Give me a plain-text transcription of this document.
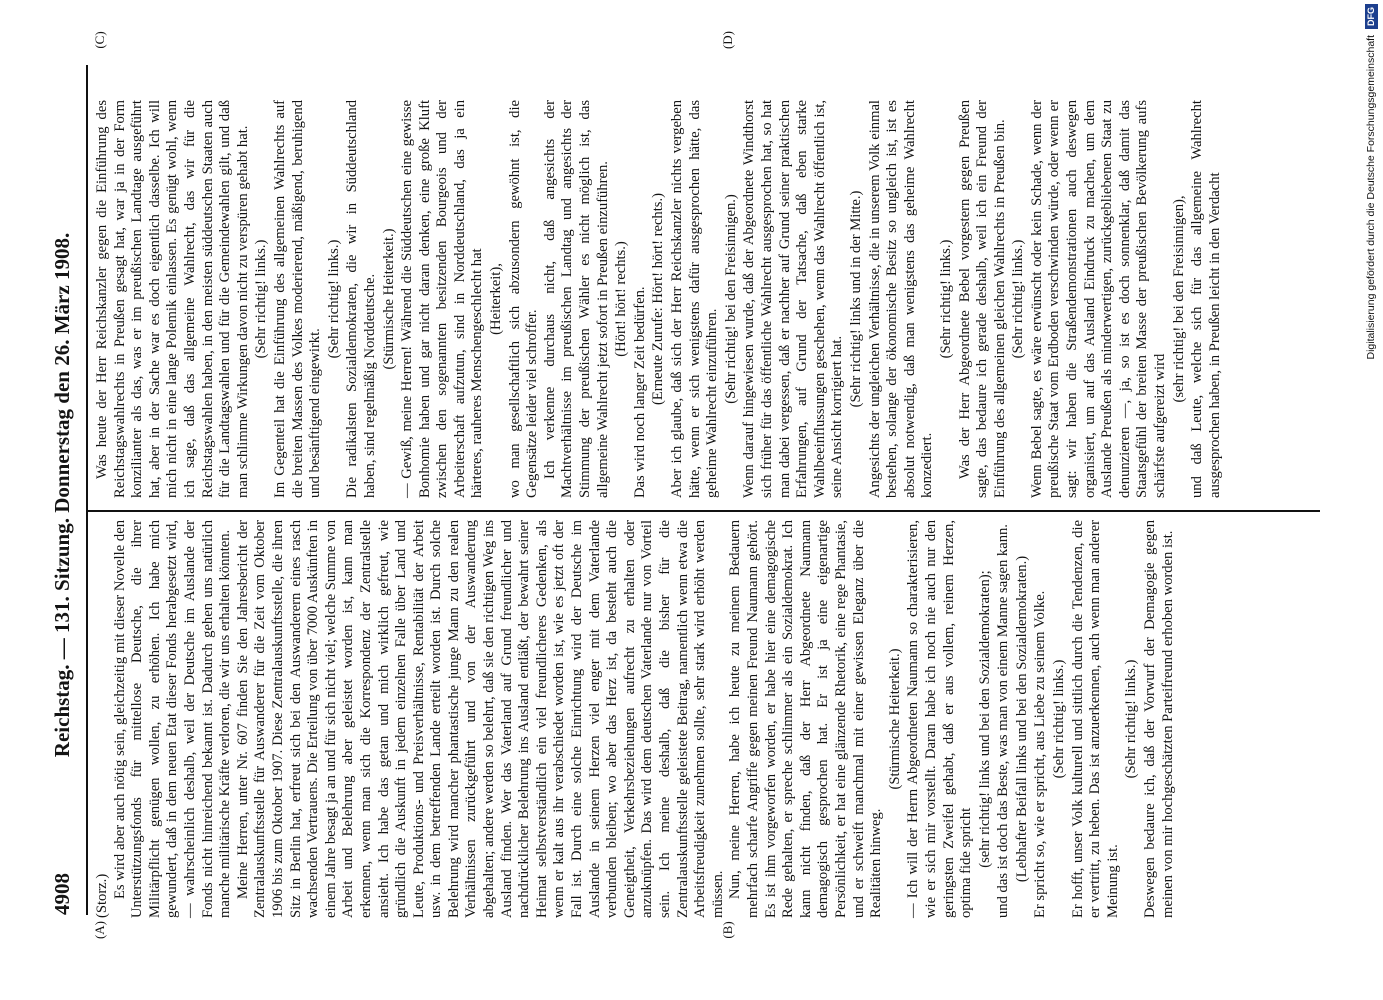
4908
Reichstag. — 131. Sitzung. Donnerstag den 26. März 1908.
(A)	(B)
(C)	(D)

(Storz.) Es wird aber auch nötig sein, gleichzeitig mit dieser Novelle den Unterstützungsfonds für mittellose Deutsche, die ihrer Militärpflicht genügen wollen, zu erhöhen. Ich habe mich gewundert, daß in dem neuen Etat dieser Fonds herabgesetzt wird, — wahrscheinlich deshalb, weil der Deutsche im Auslande der Fonds nicht hinreichend bekannt ist. Dadurch gehen uns natürlich manche militärische Kräfte verloren, die wir uns erhalten könnten. Meine Herren, unter Nr. 607 finden Sie den Jahresbericht der Zentralauskunftsstelle für Auswanderer für die Zeit vom Oktober 1906 bis zum Oktober 1907. Diese Zentralauskunftsstelle, die ihren Sitz in Berlin hat, erfreut sich bei den Auswanderern eines rasch wachsenden Vertrauens. Die Erteilung von über 7000 Auskünften in einem Jahre besagt ja an und für sich nicht viel; welche Summe von Arbeit und Belehrung aber geleistet worden ist, kann man erkennen, wenn man sich die Korrespondenz der Zentralstelle ansieht. Ich habe das getan und mich wirklich gefreut, wie gründlich die Auskunft in jedem einzelnen Falle über Land und Leute, Produktions- und Preisverhältnisse, Rentabilität der Arbeit usw. in dem betreffenden Lande erteilt worden ist. Durch solche Belehrung wird mancher phantastische junge Mann zu den realen Verhältnissen zurückgeführt und von der Auswanderung abgehalten; andere werden so belehrt, daß sie den richtigen Weg ins Ausland finden. Wer das Vaterland auf Grund freundlicher und nachdrücklicher Belehrung ins Ausland entläßt, der bewahrt seiner Heimat selbstverständlich ein viel freundlicheres Gedenken, als wenn er kalt aus ihr verabschiedet worden ist, wie es jetzt oft der Fall ist. Durch eine solche Einrichtung wird der Deutsche im Auslande in seinem Herzen viel enger mit dem Vaterlande verbunden bleiben; wo aber das Herz ist, da besteht auch die Geneigtheit, Verkehrsbeziehungen aufrecht zu erhalten oder anzuknüpfen. Das wird dem deutschen Vaterlande nur von Vorteil sein. Ich meine deshalb, daß die bisher für die Zentralauskunftsstelle geleistete Beitrag, namentlich wenn etwa die Arbeitsfreudigkeit zunehmen sollte, sehr stark wird erhöht werden müssen. Nun, meine Herren, habe ich heute zu meinem Bedauern mehrfach scharfe Angriffe gegen meinen Freund Naumann gehört. Es ist ihm vorgeworfen worden, er habe hier eine demagogische Rede gehalten, er spreche schlimmer als ein Sozialdemokrat. Ich kann nicht finden, daß der Herr Abgeordnete Naumann demagogisch gesprochen hat. Er ist ja eine eigenartige Persönlichkeit, er hat eine glänzende Rhetorik, eine rege Phantasie, und er schweift manchmal mit einer gewissen Eleganz über die Realitäten hinweg.

(Stürmische Heiterkeit.) — Ich will der Herrn Abgeordneten Naumann so charakterisieren, wie er sich mir vorstellt. Daran habe ich noch nie auch nur den geringsten Zweifel gehabt, daß er aus vollem, reinem Herzen, optima fide spricht (sehr richtig! links und bei den Sozialdemokraten); und das ist doch das Beste, was man von einem Manne sagen kann. (Lebhafter Beifall links und bei den Sozialdemokraten.) Er spricht so, wie er spricht, aus Liebe zu seinem Volke. (Sehr richtig! links.) Er hofft, unser Volk kulturell und sittlich durch die Tendenzen, die er vertritt, zu heben. Das ist anzuerkennen, auch wenn man anderer Meinung ist.

(Sehr richtig! links.) Deswegen bedaure ich, daß der Vorwurf der Demagogie gegen meinen von mir hochgeschätzten Parteifreund erhoben worden ist.

Was heute der Herr Reichskanzler gegen die Einführung des Reichstagswahlrechts in Preußen gesagt hat, war ja in der Form konzilianter als das, was er im preußischen Landtage ausgeführt hat, aber in der Sache war es doch eigentlich dasselbe. Ich will mich nicht in eine lange Polemik einlassen. Es genügt wohl, wenn ich sage, daß das allgemeine Wahlrecht, das wir für die Reichstagswahlen haben, in den meisten süddeutschen Staaten auch für die Landtagswahlen und für die Gemeindewahlen gilt, und daß man schlimme Wirkungen davon nicht zu verspüren gehabt hat. (Sehr richtig! links.) Im Gegenteil hat die Einführung des allgemeinen Wahlrechts auf die breiten Massen des Volkes moderierend, mäßigend, beruhigend und besänftigend eingewirkt.

(Sehr richtig! links.) Die radikalsten Sozialdemokraten, die wir in Süddeutschland haben, sind regelmäßig Norddeutsche. (Stürmische Heiterkeit.) — Gewiß, meine Herren! Während die Süddeutschen eine gewisse Bonhomie haben und gar nicht daran denken, eine große Kluft zwischen den sogenannten besitzenden Bourgeois und der Arbeiterschaft aufzutun, sind in Norddeutschland, das ja ein härteres, rauheres Menschengeschlecht hat (Heiterkeit), wo man gesellschaftlich sich abzusondern gewöhnt ist, die Gegensätze leider viel schroffer. Ich verkenne durchaus nicht, daß angesichts der Machtverhältnisse im preußischen Landtag und angesichts der Stimmung der preußischen Wähler es nicht möglich ist, das allgemeine Wahlrecht jetzt sofort in Preußen einzuführen. (Hört! hört! rechts.) Das wird noch langer Zeit bedürfen. (Erneute Zurufe: Hört! hört! rechts.) Aber ich glaube, daß sich der Herr Reichskanzler nichts vergeben hätte, wenn er sich wenigstens dafür ausgesprochen hätte, das geheime Wahlrecht einzuführen. (Sehr richtig! bei den Freisinnigen.) Wenn darauf hingewiesen wurde, daß der Abgeordnete Windthorst sich früher für das öffentliche Wahlrecht ausgesprochen hat, so hat man dabei vergessen, daß er nachher auf Grund seiner praktischen Erfahrungen, auf Grund der Tatsache, daß eben starke Wahlbeeinflussungen geschehen, wenn das Wahlrecht öffentlich ist, seine Ansicht korrigiert hat.

(Sehr richtig! links und in der Mitte.) Angesichts der ungleichen Verhältnisse, die in unserem Volk einmal bestehen, solange der ökonomische Besitz so ungleich ist, ist es absolut notwendig, daß man wenigstens das geheime Wahlrecht konzediert.

(Sehr richtig! links.) Was der Herr Abgeordnete Bebel vorgestern gegen Preußen sagte, das bedaure ich gerade deshalb, weil ich ein Freund der Einführung des allgemeinen gleichen Wahlrechts in Preußen bin. (Sehr richtig! links.) Wenn Bebel sagte, es wäre erwünscht oder kein Schade, wenn der preußische Staat vom Erdboden verschwinden würde, oder wenn er sagt: wir haben die Straßendemonstrationen auch deswegen organisiert, um auf das Ausland Eindruck zu machen, um dem Auslande Preußen als minderwertigen, zurückgebliebenen Staat zu denunzieren —, ja, so ist es doch sonnenklar, daß damit das Staatsgefühl der breiten Masse der preußischen Bevölkerung aufs schärfste aufgereizt wird

(sehr richtig! bei den Freisinnigen), und daß Leute, welche sich für das allgemeine Wahlrecht ausgesprochen haben, in Preußen leicht in den Verdacht	Digitalisierung gefördert durch die Deutsche ForschungsgemeinschaftDFG
